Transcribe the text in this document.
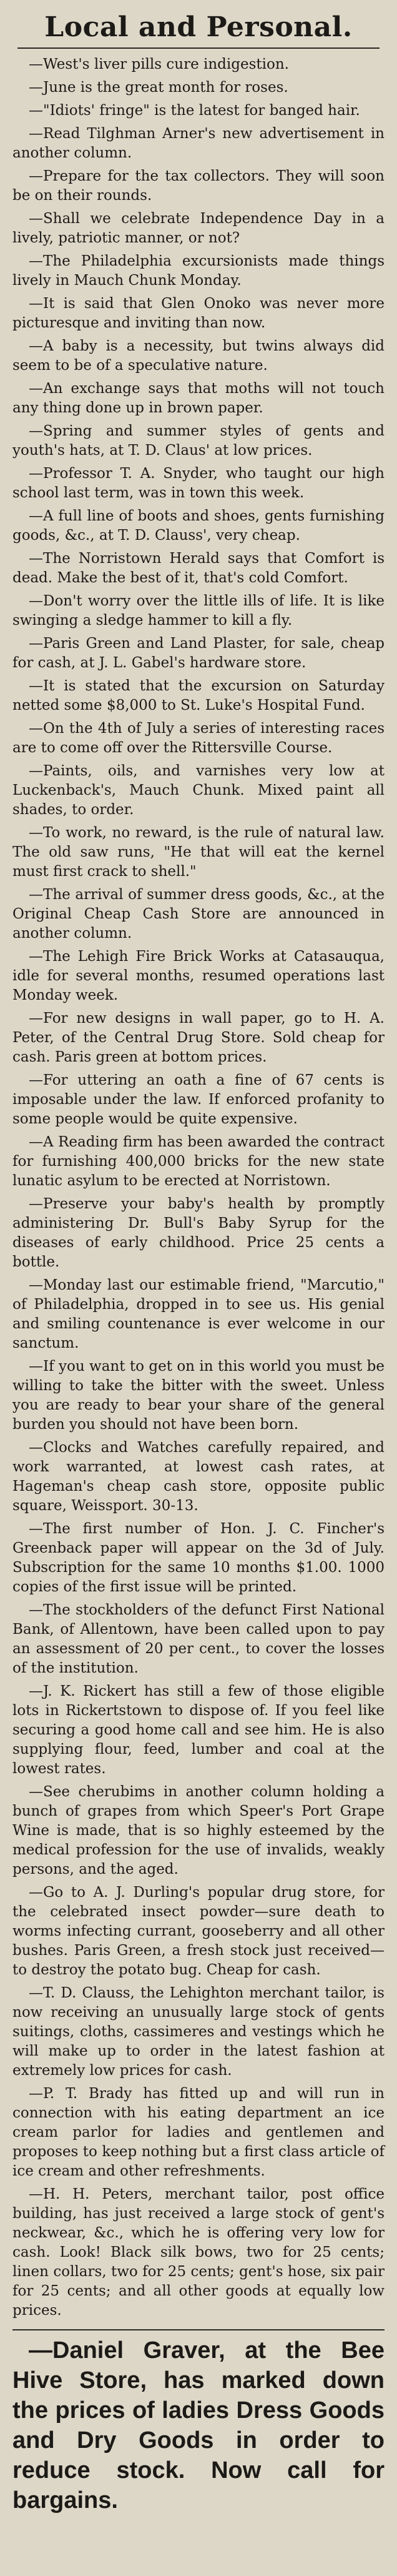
Local and Personal.

—West's liver pills cure indigestion.

—June is the great month for roses.

—"Idiots' fringe" is the latest for banged hair.

—Read Tilghman Arner's new advertisement in another column.

—Prepare for the tax collectors. They will soon be on their rounds.

—Shall we celebrate Independence Day in a lively, patriotic manner, or not?

—The Philadelphia excursionists made things lively in Mauch Chunk Monday.

—It is said that Glen Onoko was never more picturesque and inviting than now.

—A baby is a necessity, but twins always did seem to be of a speculative nature.

—An exchange says that moths will not touch any thing done up in brown paper.

—Spring and summer styles of gents and youth's hats, at T. D. Claus' at low prices.

—Professor T. A. Snyder, who taught our high school last term, was in town this week.

—A full line of boots and shoes, gents furnishing goods, &c., at T. D. Clauss', very cheap.

—The Norristown Herald says that Comfort is dead. Make the best of it, that's cold Comfort.

—Don't worry over the little ills of life. It is like swinging a sledge hammer to kill a fly.

—Paris Green and Land Plaster, for sale, cheap for cash, at J. L. Gabel's hardware store.

—It is stated that the excursion on Saturday netted some $8,000 to St. Luke's Hospital Fund.

—On the 4th of July a series of interesting races are to come off over the Rittersville Course.

—Paints, oils, and varnishes very low at Luckenback's, Mauch Chunk. Mixed paint all shades, to order.

—To work, no reward, is the rule of natural law. The old saw runs, "He that will eat the kernel must first crack to shell."

—The arrival of summer dress goods, &c., at the Original Cheap Cash Store are announced in another column.

—The Lehigh Fire Brick Works at Catasauqua, idle for several months, resumed operations last Monday week.

—For new designs in wall paper, go to H. A. Peter, of the Central Drug Store. Sold cheap for cash. Paris green at bottom prices.

—For uttering an oath a fine of 67 cents is imposable under the law. If enforced profanity to some people would be quite expensive.

—A Reading firm has been awarded the contract for furnishing 400,000 bricks for the new state lunatic asylum to be erected at Norristown.

—Preserve your baby's health by promptly administering Dr. Bull's Baby Syrup for the diseases of early childhood. Price 25 cents a bottle.

—Monday last our estimable friend, "Marcutio," of Philadelphia, dropped in to see us. His genial and smiling countenance is ever welcome in our sanctum.

—If you want to get on in this world you must be willing to take the bitter with the sweet. Unless you are ready to bear your share of the general burden you should not have been born.

—Clocks and Watches carefully repaired, and work warranted, at lowest cash rates, at Hageman's cheap cash store, opposite public square, Weissport. 30-13.

—The first number of Hon. J. C. Fincher's Greenback paper will appear on the 3d of July. Subscription for the same 10 months $1.00. 1000 copies of the first issue will be printed.

—The stockholders of the defunct First National Bank, of Allentown, have been called upon to pay an assessment of 20 per cent., to cover the losses of the institution.

—J. K. Rickert has still a few of those eligible lots in Rickertstown to dispose of. If you feel like securing a good home call and see him. He is also supplying flour, feed, lumber and coal at the lowest rates.

—See cherubims in another column holding a bunch of grapes from which Speer's Port Grape Wine is made, that is so highly esteemed by the medical profession for the use of invalids, weakly persons, and the aged.

—Go to A. J. Durling's popular drug store, for the celebrated insect powder—sure death to worms infecting currant, gooseberry and all other bushes. Paris Green, a fresh stock just received—to destroy the potato bug. Cheap for cash.

—T. D. Clauss, the Lehighton merchant tailor, is now receiving an unusually large stock of gents suitings, cloths, cassimeres and vestings which he will make up to order in the latest fashion at extremely low prices for cash.

—P. T. Brady has fitted up and will run in connection with his eating department an ice cream parlor for ladies and gentlemen and proposes to keep nothing but a first class article of ice cream and other refreshments.

—H. H. Peters, merchant tailor, post office building, has just received a large stock of gent's neckwear, &c., which he is offering very low for cash. Look! Black silk bows, two for 25 cents; linen collars, two for 25 cents; gent's hose, six pair for 25 cents; and all other goods at equally low prices.

—Daniel Graver, at the Bee Hive Store, has marked down the prices of ladies Dress Goods and Dry Goods in order to reduce stock. Now call for bargains.
